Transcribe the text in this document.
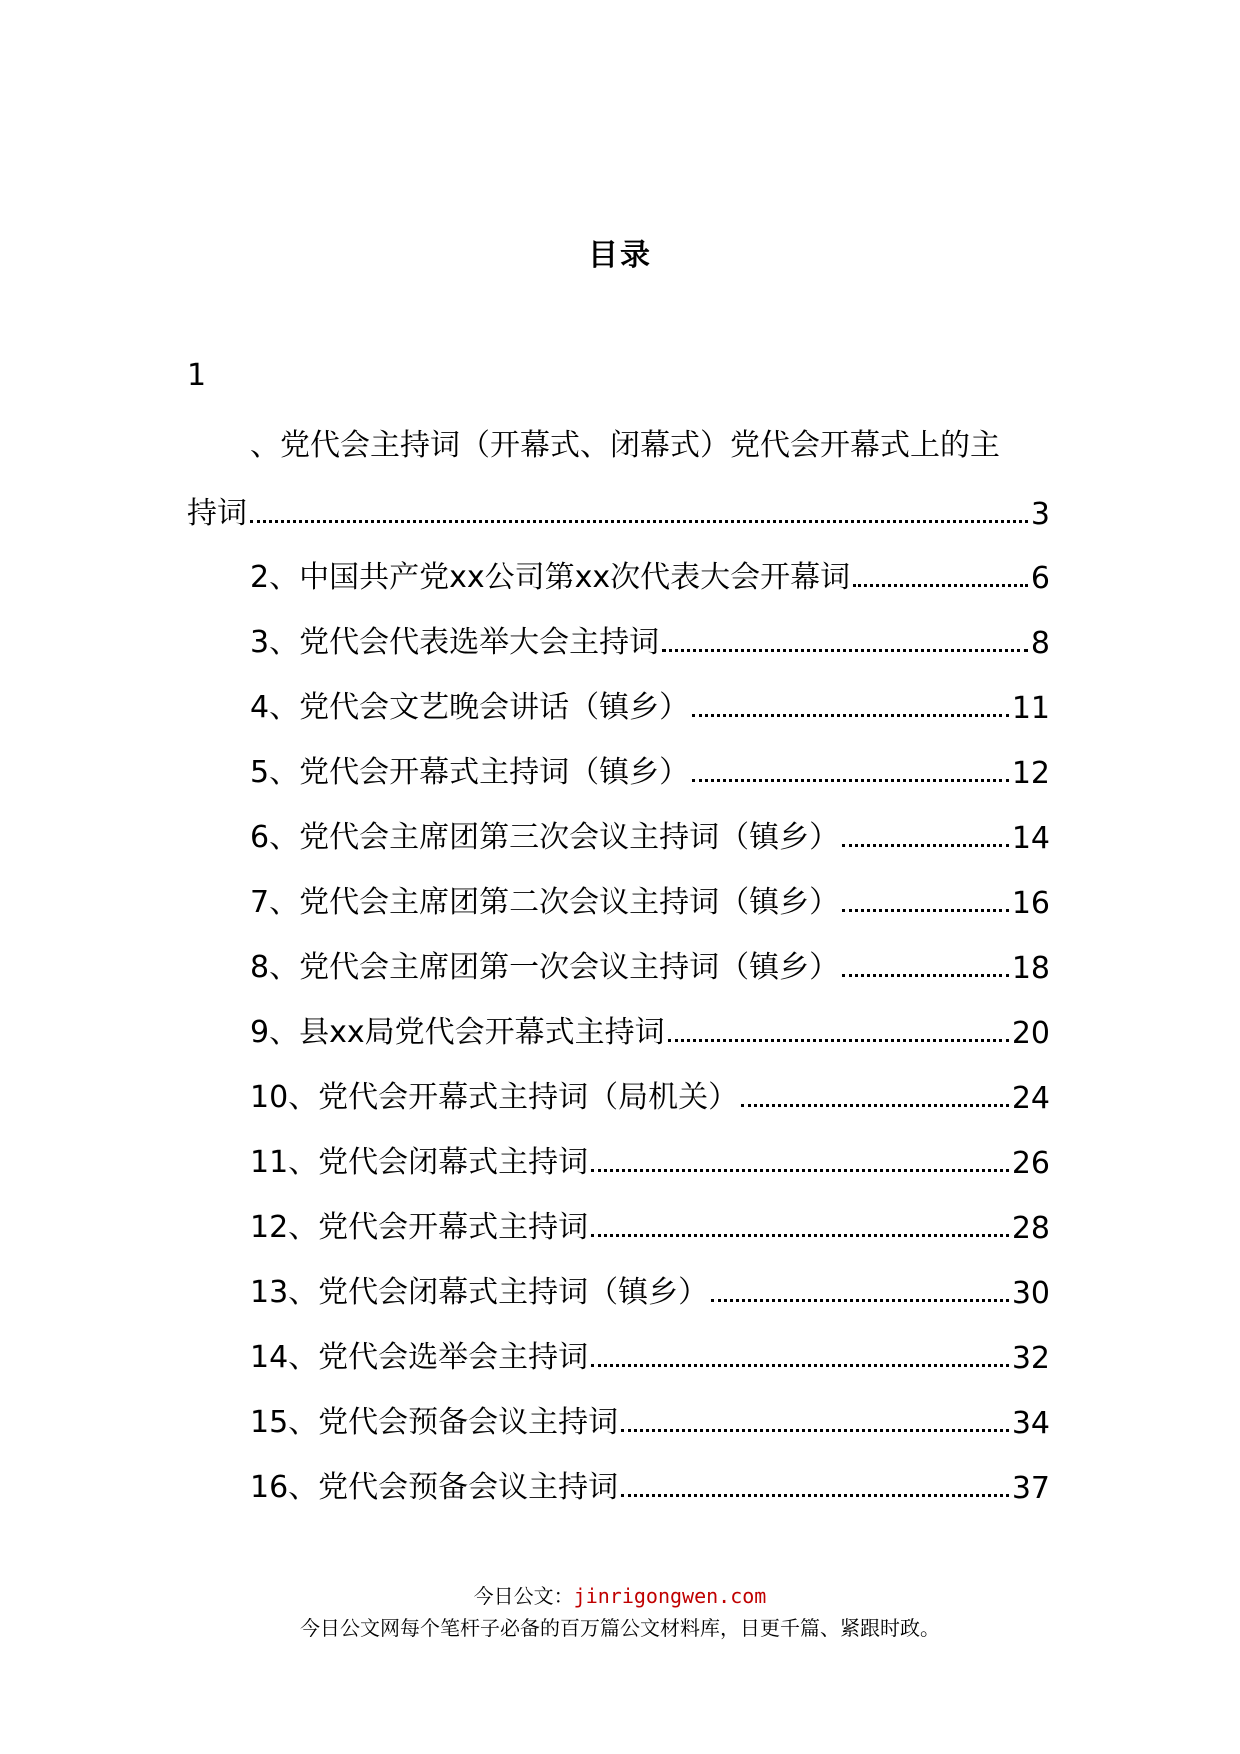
目录
1
、党代会主持词（开幕式、闭幕式）党代会开幕式上的主
持词	3
2、中国共产党xx公司第xx次代表大会开幕词	6
3、党代会代表选举大会主持词	8
4、党代会文艺晚会讲话（镇乡）	11
5、党代会开幕式主持词（镇乡）	12
6、党代会主席团第三次会议主持词（镇乡）	14
7、党代会主席团第二次会议主持词（镇乡）	16
8、党代会主席团第一次会议主持词（镇乡）	18
9、县xx局党代会开幕式主持词	20
10、党代会开幕式主持词（局机关）	24
11、党代会闭幕式主持词	26
12、党代会开幕式主持词	28
13、党代会闭幕式主持词（镇乡）	30
14、党代会选举会主持词	32
15、党代会预备会议主持词	34
16、党代会预备会议主持词	37
今日公文：jinrigongwen.com
今日公文网每个笔杆子必备的百万篇公文材料库，日更千篇、紧跟时政。
